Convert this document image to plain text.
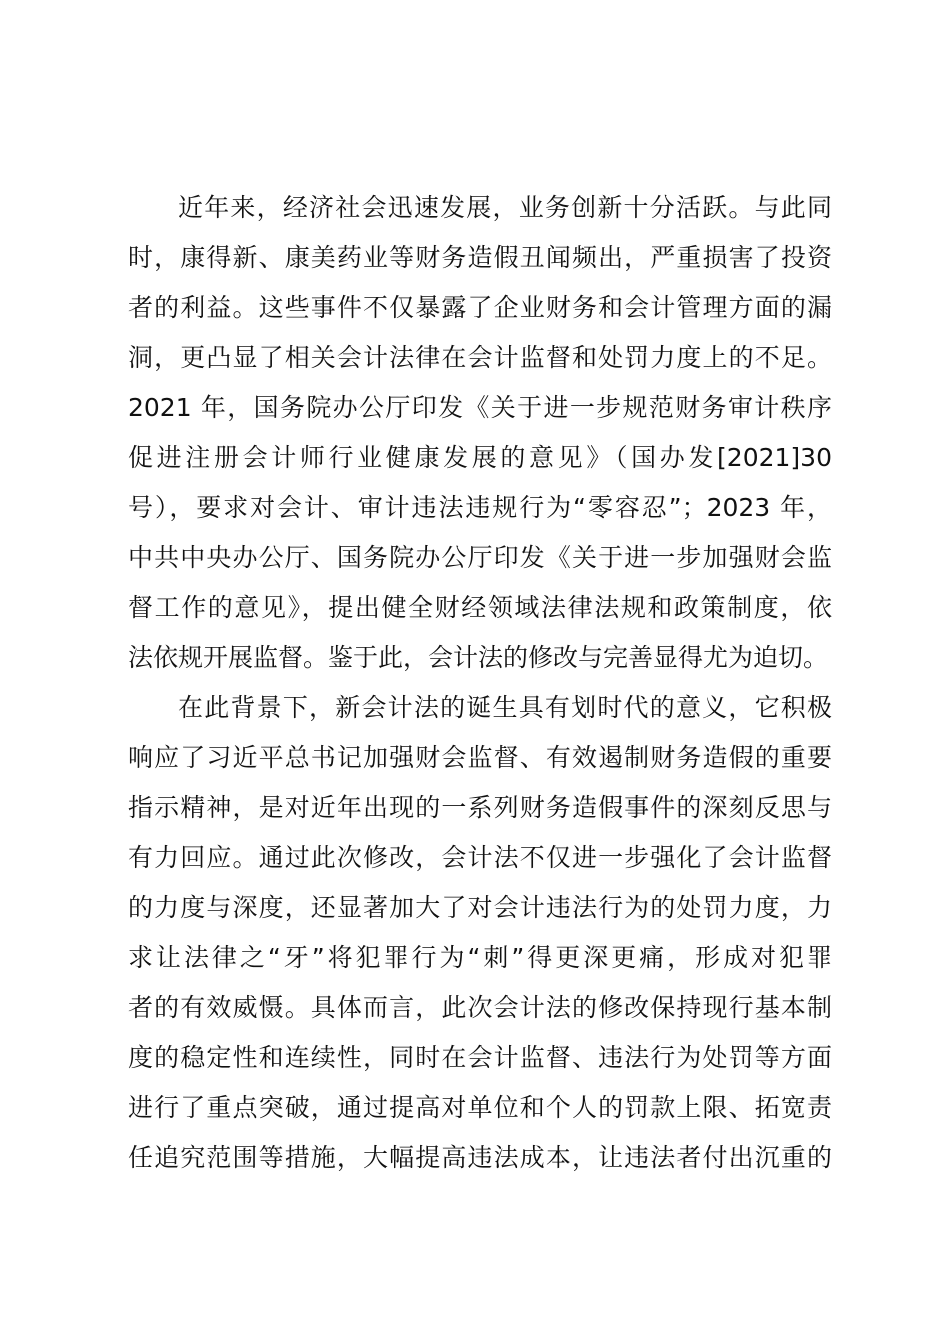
近年来，经济社会迅速发展，业务创新十分活跃。与此同
时，康得新、康美药业等财务造假丑闻频出，严重损害了投资
者的利益。这些事件不仅暴露了企业财务和会计管理方面的漏
洞，更凸显了相关会计法律在会计监督和处罚力度上的不足。
2021 年，国务院办公厅印发《关于进一步规范财务审计秩序
促进注册会计师行业健康发展的意见》（国办发[2021]30
号），要求对会计、审计违法违规行为“零容忍”；2023 年，
中共中央办公厅、国务院办公厅印发《关于进一步加强财会监
督工作的意见》，提出健全财经领域法律法规和政策制度，依
法依规开展监督。鉴于此，会计法的修改与完善显得尤为迫切。
在此背景下，新会计法的诞生具有划时代的意义，它积极
响应了习近平总书记加强财会监督、有效遏制财务造假的重要
指示精神，是对近年出现的一系列财务造假事件的深刻反思与
有力回应。通过此次修改，会计法不仅进一步强化了会计监督
的力度与深度，还显著加大了对会计违法行为的处罚力度，力
求让法律之“牙”将犯罪行为“刺”得更深更痛，形成对犯罪
者的有效威慑。具体而言，此次会计法的修改保持现行基本制
度的稳定性和连续性，同时在会计监督、违法行为处罚等方面
进行了重点突破，通过提高对单位和个人的罚款上限、拓宽责
任追究范围等措施，大幅提高违法成本，让违法者付出沉重的
